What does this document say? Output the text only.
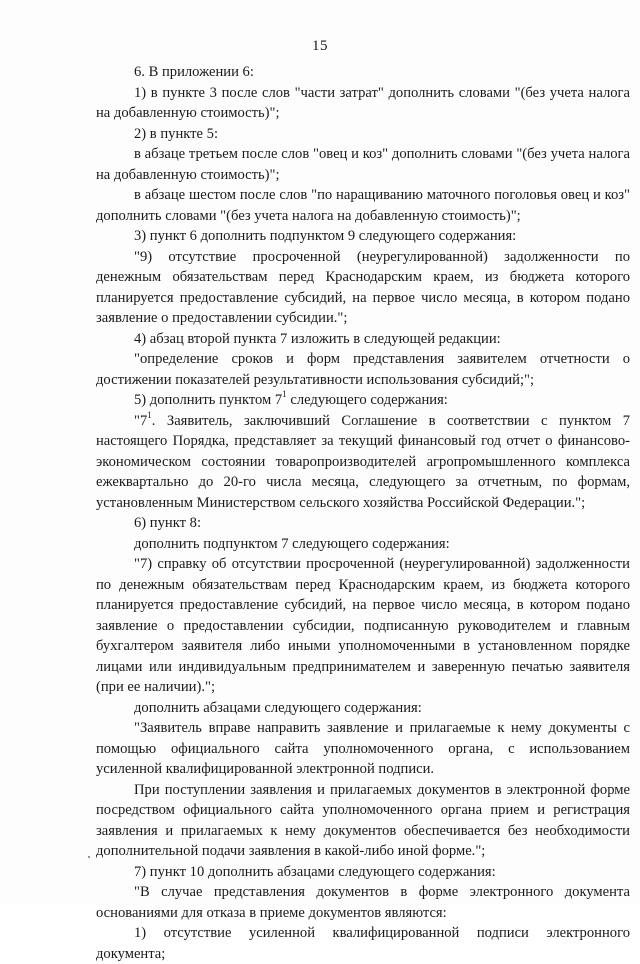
15

6. В приложении 6:

1) в пункте 3 после слов "части затрат" дополнить словами "(без учета налога на добавленную стоимость)";

2) в пункте 5:

в абзаце третьем после слов "овец и коз" дополнить словами "(без учета налога на добавленную стоимость)";

в абзаце шестом после слов "по наращиванию маточного поголовья овец и коз" дополнить словами "(без учета налога на добавленную стоимость)";

3) пункт 6 дополнить подпунктом 9 следующего содержания:

"9) отсутствие просроченной (неурегулированной) задолженности по денежным обязательствам перед Краснодарским краем, из бюджета которого планируется предоставление субсидий, на первое число месяца, в котором подано заявление о предоставлении субсидии.";

4) абзац второй пункта 7 изложить в следующей редакции:

"определение сроков и форм представления заявителем отчетности о достижении показателей результативности использования субсидий;";

5) дополнить пунктом $7^1$ следующего содержания:

"$7^1$. Заявитель, заключивший Соглашение в соответствии с пунктом 7 настоящего Порядка, представляет за текущий финансовый год отчет о финансово-экономическом состоянии товаропроизводителей агропромышленного комплекса ежеквартально до 20-го числа месяца, следующего за отчетным, по формам, установленным Министерством сельского хозяйства Российской Федерации.";

6) пункт 8:

дополнить подпунктом 7 следующего содержания:

"7) справку об отсутствии просроченной (неурегулированной) задолженности по денежным обязательствам перед Краснодарским краем, из бюджета которого планируется предоставление субсидий, на первое число месяца, в котором подано заявление о предоставлении субсидии, подписанную руководителем и главным бухгалтером заявителя либо иными уполномоченными в установленном порядке лицами или индивидуальным предпринимателем и заверенную печатью заявителя (при ее наличии).";

дополнить абзацами следующего содержания:

"Заявитель вправе направить заявление и прилагаемые к нему документы с помощью официального сайта уполномоченного органа, с использованием усиленной квалифицированной электронной подписи.

При поступлении заявления и прилагаемых документов в электронной форме посредством официального сайта уполномоченного органа прием и регистрация заявления и прилагаемых к нему документов обеспечивается без необходимости дополнительной подачи заявления в какой-либо иной форме.";

7) пункт 10 дополнить абзацами следующего содержания:

"В случае представления документов в форме электронного документа основаниями для отказа в приеме документов являются:

1) отсутствие усиленной квалифицированной подписи электронного документа;
